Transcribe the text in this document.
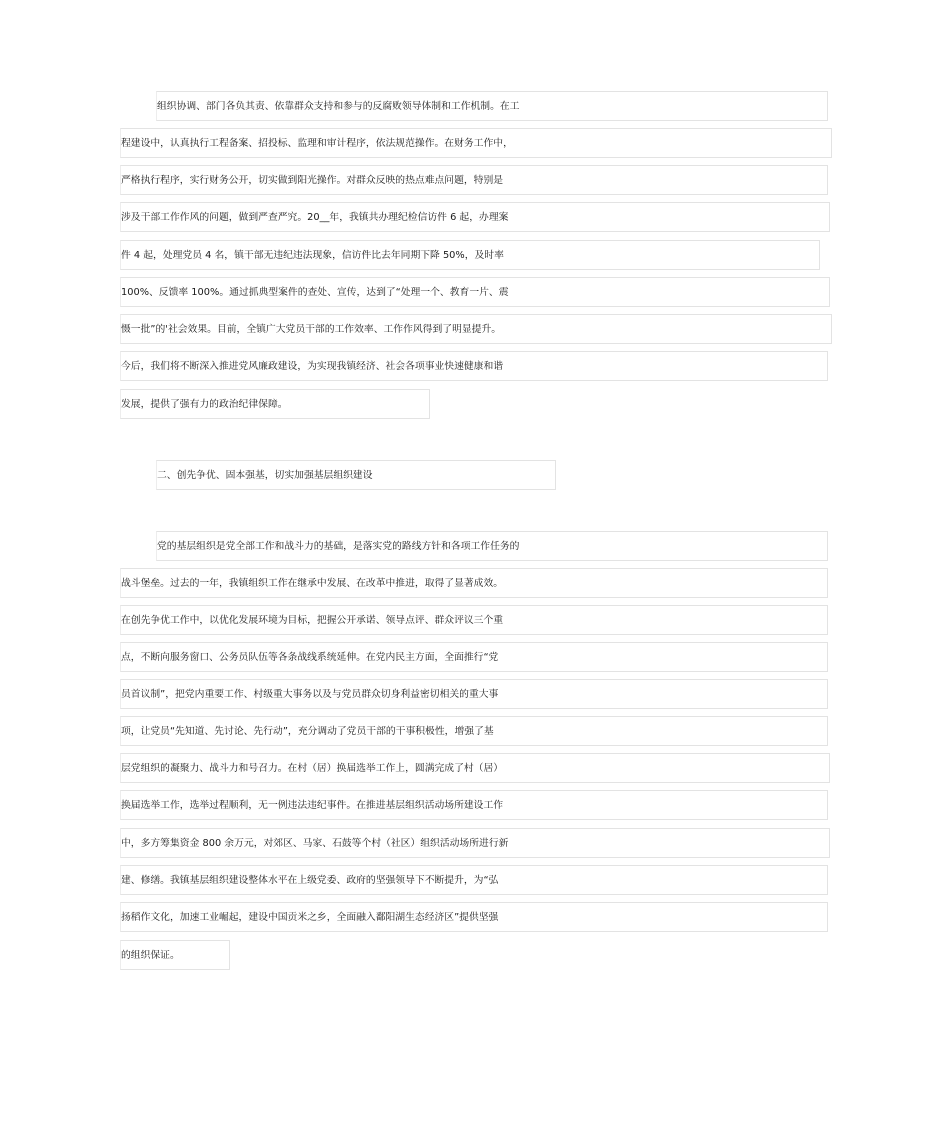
组织协调、部门各负其责、依靠群众支持和参与的反腐败领导体制和工作机制。在工
程建设中，认真执行工程备案、招投标、监理和审计程序，依法规范操作。在财务工作中，
严格执行程序，实行财务公开，切实做到阳光操作。对群众反映的热点难点问题，特别是
涉及干部工作作风的问题，做到严查严究。20__年，我镇共办理纪检信访件 6 起，办理案
件 4 起，处理党员 4 名，镇干部无违纪违法现象，信访件比去年同期下降 50%，及时率
100%、反馈率 100%。通过抓典型案件的查处、宣传，达到了“处理一个、教育一片、震
慑一批”的'社会效果。目前，全镇广大党员干部的工作效率、工作作风得到了明显提升。
今后，我们将不断深入推进党风廉政建设，为实现我镇经济、社会各项事业快速健康和谐
发展，提供了强有力的政治纪律保障。
二、创先争优、固本强基，切实加强基层组织建设
党的基层组织是党全部工作和战斗力的基础，是落实党的路线方针和各项工作任务的
战斗堡垒。过去的一年，我镇组织工作在继承中发展、在改革中推进，取得了显著成效。
在创先争优工作中，以优化发展环境为目标，把握公开承诺、领导点评、群众评议三个重
点，不断向服务窗口、公务员队伍等各条战线系统延伸。在党内民主方面，全面推行“党
员首议制”，把党内重要工作、村级重大事务以及与党员群众切身利益密切相关的重大事
项，让党员“先知道、先讨论、先行动”，充分调动了党员干部的干事积极性，增强了基
层党组织的凝聚力、战斗力和号召力。在村（居）换届选举工作上，圆满完成了村（居）
换届选举工作，选举过程顺利，无一例违法违纪事件。在推进基层组织活动场所建设工作
中，多方筹集资金 800 余万元，对郊区、马家、石鼓等个村（社区）组织活动场所进行新
建、修缮。我镇基层组织建设整体水平在上级党委、政府的坚强领导下不断提升，为“弘
扬稻作文化，加速工业崛起，建设中国贡米之乡，全面融入鄱阳湖生态经济区”提供坚强
的组织保证。
